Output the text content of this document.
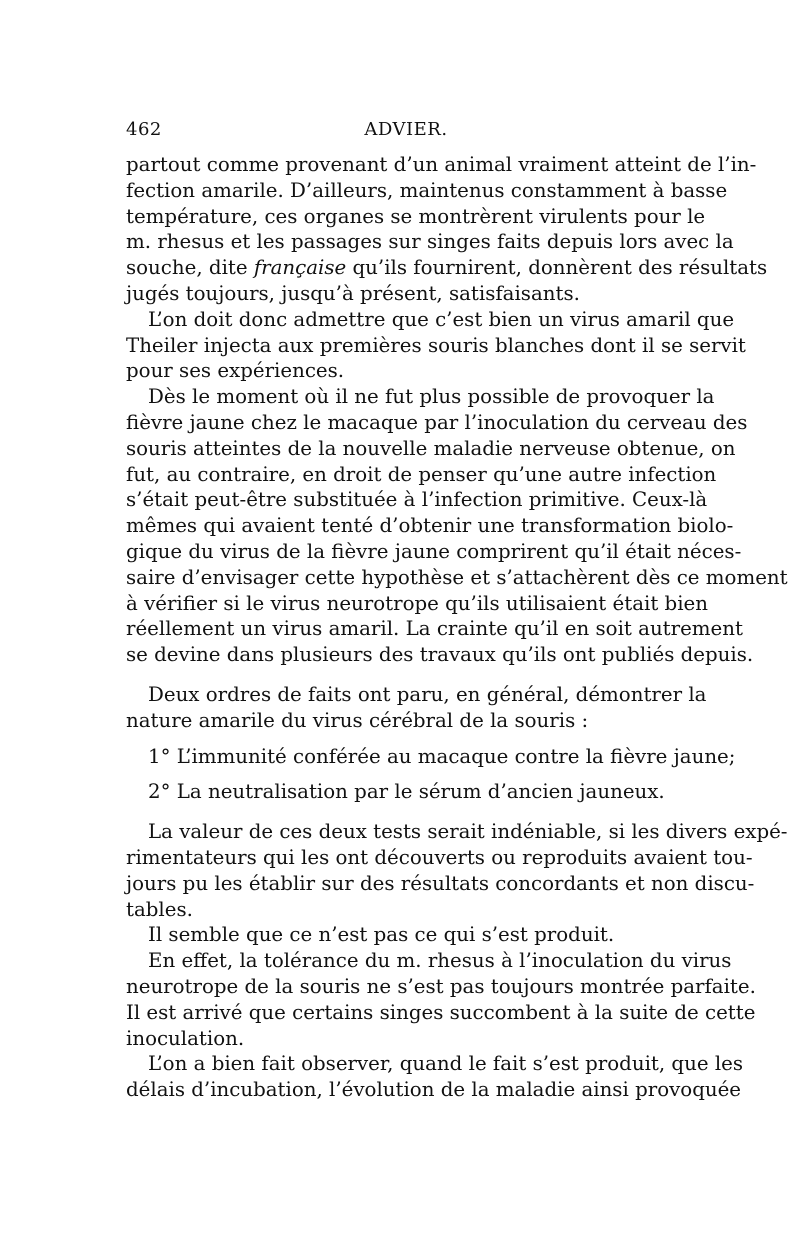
462	ADVIER.
partout comme provenant d’un animal vraiment atteint de l’in-
fection amarile. D’ailleurs, maintenus constamment à basse
température, ces organes se montrèrent virulents pour le
m. rhesus et les passages sur singes faits depuis lors avec la
souche, dite française qu’ils fournirent, donnèrent des résultats
jugés toujours, jusqu’à présent, satisfaisants.
L’on doit donc admettre que c’est bien un virus amaril que
Theiler injecta aux premières souris blanches dont il se servit
pour ses expériences.
Dès le moment où il ne fut plus possible de provoquer la
fièvre jaune chez le macaque par l’inoculation du cerveau des
souris atteintes de la nouvelle maladie nerveuse obtenue, on
fut, au contraire, en droit de penser qu’une autre infection
s’était peut-être substituée à l’infection primitive. Ceux-là
mêmes qui avaient tenté d’obtenir une transformation biolo-
gique du virus de la fièvre jaune comprirent qu’il était néces-
saire d’envisager cette hypothèse et s’attachèrent dès ce moment
à vérifier si le virus neurotrope qu’ils utilisaient était bien
réellement un virus amaril. La crainte qu’il en soit autrement
se devine dans plusieurs des travaux qu’ils ont publiés depuis.
Deux ordres de faits ont paru, en général, démontrer la
nature amarile du virus cérébral de la souris :
1° L’immunité conférée au macaque contre la fièvre jaune;
2° La neutralisation par le sérum d’ancien jauneux.
La valeur de ces deux tests serait indéniable, si les divers expé-
rimentateurs qui les ont découverts ou reproduits avaient tou-
jours pu les établir sur des résultats concordants et non discu-
tables.
Il semble que ce n’est pas ce qui s’est produit.
En effet, la tolérance du m. rhesus à l’inoculation du virus
neurotrope de la souris ne s’est pas toujours montrée parfaite.
Il est arrivé que certains singes succombent à la suite de cette
inoculation.
L’on a bien fait observer, quand le fait s’est produit, que les
délais d’incubation, l’évolution de la maladie ainsi provoquée
